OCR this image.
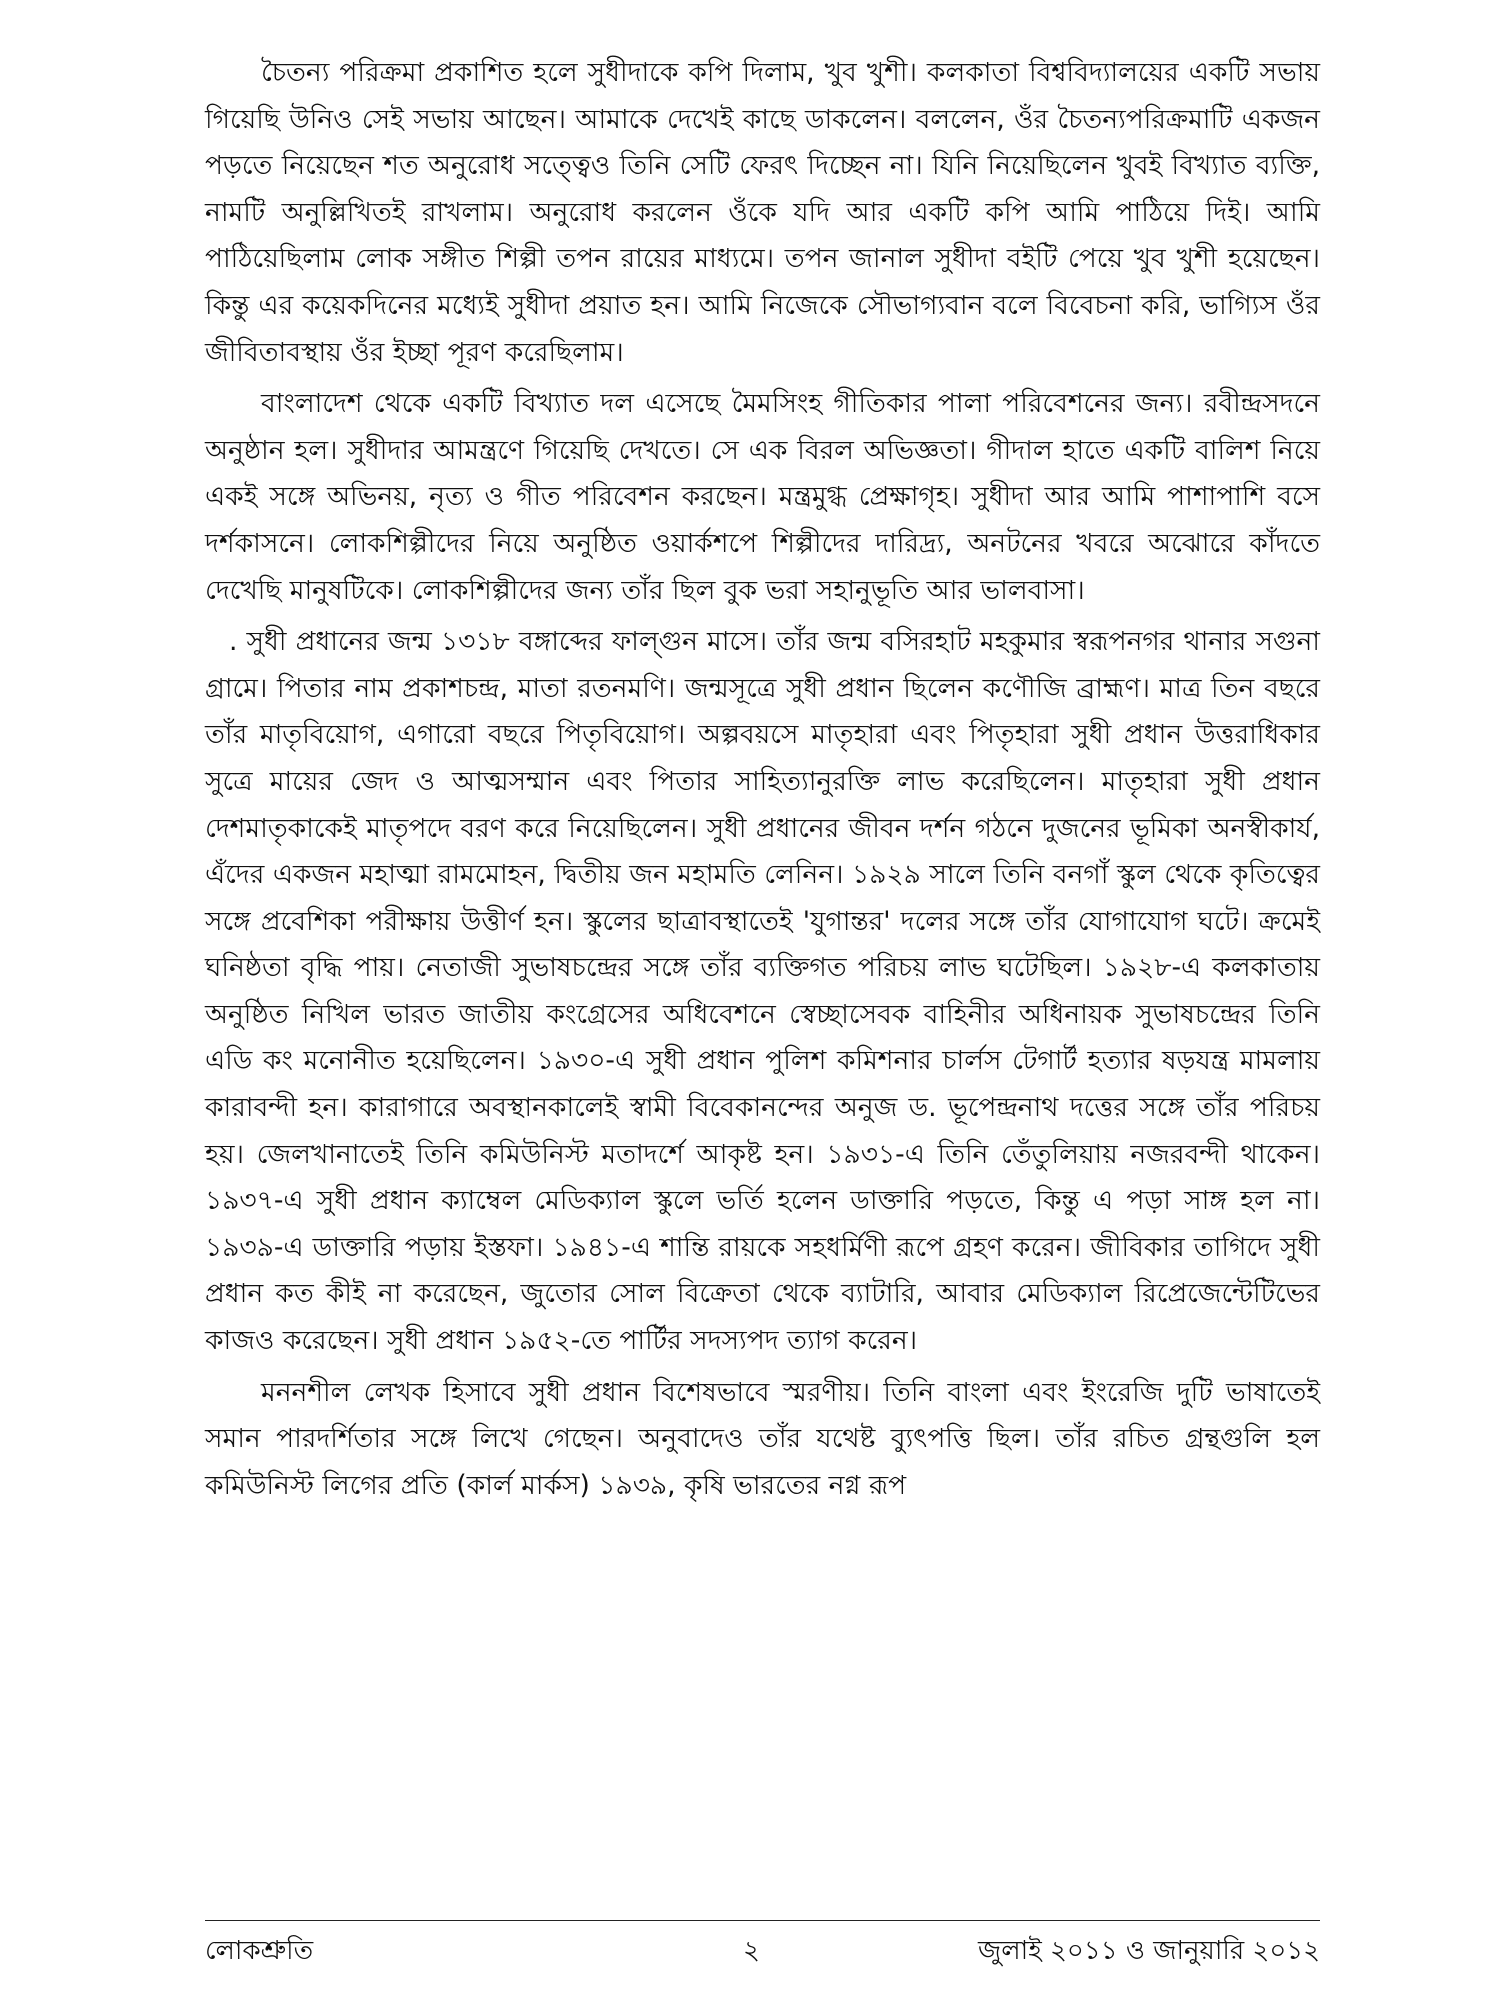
চৈতন্য পরিক্রমা প্রকাশিত হলে সুধীদাকে কপি দিলাম, খুব খুশী। কলকাতা বিশ্ববিদ্যালয়ের একটি সভায় গিয়েছি উনিও সেই সভায় আছেন। আমাকে দেখেই কাছে ডাকলেন। বললেন, ওঁর চৈতন্যপরিক্রমাটি একজন পড়তে নিয়েছেন শত অনুরোধ সত্ত্বেও তিনি সেটি ফেরৎ দিচ্ছেন না। যিনি নিয়েছিলেন খুবই বিখ্যাত ব্যক্তি, নামটি অনুল্লিখিতই রাখলাম। অনুরোধ করলেন ওঁকে যদি আর একটি কপি আমি পাঠিয়ে দিই। আমি পাঠিয়েছিলাম লোক সঙ্গীত শিল্পী তপন রায়ের মাধ্যমে। তপন জানাল সুধীদা বইটি পেয়ে খুব খুশী হয়েছেন। কিন্তু এর কয়েকদিনের মধ্যেই সুধীদা প্রয়াত হন। আমি নিজেকে সৌভাগ্যবান বলে বিবেচনা করি, ভাগ্যিস ওঁর জীবিতাবস্থায় ওঁর ইচ্ছা পূরণ করেছিলাম।

বাংলাদেশ থেকে একটি বিখ্যাত দল এসেছে মৈমসিংহ গীতিকার পালা পরিবেশনের জন্য। রবীন্দ্রসদনে অনুষ্ঠান হল। সুধীদার আমন্ত্রণে গিয়েছি দেখতে। সে এক বিরল অভিজ্ঞতা। গীদাল হাতে একটি বালিশ নিয়ে একই সঙ্গে অভিনয়, নৃত্য ও গীত পরিবেশন করছেন। মন্ত্রমুগ্ধ প্রেক্ষাগৃহ। সুধীদা আর আমি পাশাপাশি বসে দর্শকাসনে। লোকশিল্পীদের নিয়ে অনুষ্ঠিত ওয়ার্কশপে শিল্পীদের দারিদ্র্য, অনটনের খবরে অঝোরে কাঁদতে দেখেছি মানুষটিকে। লোকশিল্পীদের জন্য তাঁর ছিল বুক ভরা সহানুভূতি আর ভালবাসা।

. সুধী প্রধানের জন্ম ১৩১৮ বঙ্গাব্দের ফাল্গুন মাসে। তাঁর জন্ম বসিরহাট মহকুমার স্বরূপনগর থানার সগুনা গ্রামে। পিতার নাম প্রকাশচন্দ্র, মাতা রতনমণি। জন্মসূত্রে সুধী প্রধান ছিলেন কণৌজি ব্রাহ্মণ। মাত্র তিন বছরে তাঁর মাতৃবিয়োগ, এগারো বছরে পিতৃবিয়োগ। অল্পবয়সে মাতৃহারা এবং পিতৃহারা সুধী প্রধান উত্তরাধিকার সুত্রে মায়ের জেদ ও আত্মসম্মান এবং পিতার সাহিত্যানুরক্তি লাভ করেছিলেন। মাতৃহারা সুধী প্রধান দেশমাতৃকাকেই মাতৃপদে বরণ করে নিয়েছিলেন। সুধী প্রধানের জীবন দর্শন গঠনে দুজনের ভূমিকা অনস্বীকার্য, এঁদের একজন মহাত্মা রামমোহন, দ্বিতীয় জন মহামতি লেনিন। ১৯২৯ সালে তিনি বনগাঁ স্কুল থেকে কৃতিত্বের সঙ্গে প্রবেশিকা পরীক্ষায় উত্তীর্ণ হন। স্কুলের ছাত্রাবস্থাতেই 'যুগান্তর' দলের সঙ্গে তাঁর যোগাযোগ ঘটে। ক্রমেই ঘনিষ্ঠতা বৃদ্ধি পায়। নেতাজী সুভাষচন্দ্রের সঙ্গে তাঁর ব্যক্তিগত পরিচয় লাভ ঘটেছিল। ১৯২৮-এ কলকাতায় অনুষ্ঠিত নিখিল ভারত জাতীয় কংগ্রেসের অধিবেশনে স্বেচ্ছাসেবক বাহিনীর অধিনায়ক সুভাষচন্দ্রের তিনি এডি কং মনোনীত হয়েছিলেন। ১৯৩০-এ সুধী প্রধান পুলিশ কমিশনার চার্লস টেগার্ট হত্যার ষড়যন্ত্র মামলায় কারাবন্দী হন। কারাগারে অবস্থানকালেই স্বামী বিবেকানন্দের অনুজ ড. ভূপেন্দ্রনাথ দত্তের সঙ্গে তাঁর পরিচয় হয়। জেলখানাতেই তিনি কমিউনিস্ট মতাদর্শে আকৃষ্ট হন। ১৯৩১-এ তিনি তেঁতুলিয়ায় নজরবন্দী থাকেন। ১৯৩৭-এ সুধী প্রধান ক্যাম্বেল মেডিক্যাল স্কুলে ভর্তি হলেন ডাক্তারি পড়তে, কিন্তু এ পড়া সাঙ্গ হল না। ১৯৩৯-এ ডাক্তারি পড়ায় ইস্তফা। ১৯৪১-এ শান্তি রায়কে সহধর্মিণী রূপে গ্রহণ করেন। জীবিকার তাগিদে সুধী প্রধান কত কীই না করেছেন, জুতোর সোল বিক্রেতা থেকে ব্যাটারি, আবার মেডিক্যাল রিপ্রেজেন্টেটিভের কাজও করেছেন। সুধী প্রধান ১৯৫২-তে পার্টির সদস্যপদ ত্যাগ করেন।

মননশীল লেখক হিসাবে সুধী প্রধান বিশেষভাবে স্মরণীয়। তিনি বাংলা এবং ইংরেজি দুটি ভাষাতেই সমান পারদর্শিতার সঙ্গে লিখে গেছেন। অনুবাদেও তাঁর যথেষ্ট ব্যুৎপত্তি ছিল। তাঁর রচিত গ্রন্থগুলি হল কমিউনিস্ট লিগের প্রতি (কার্ল মার্কস) ১৯৩৯, কৃষি ভারতের নগ্ন রূপ

লোকশ্রুতি	২	জুলাই ২০১১ ও জানুয়ারি ২০১২
